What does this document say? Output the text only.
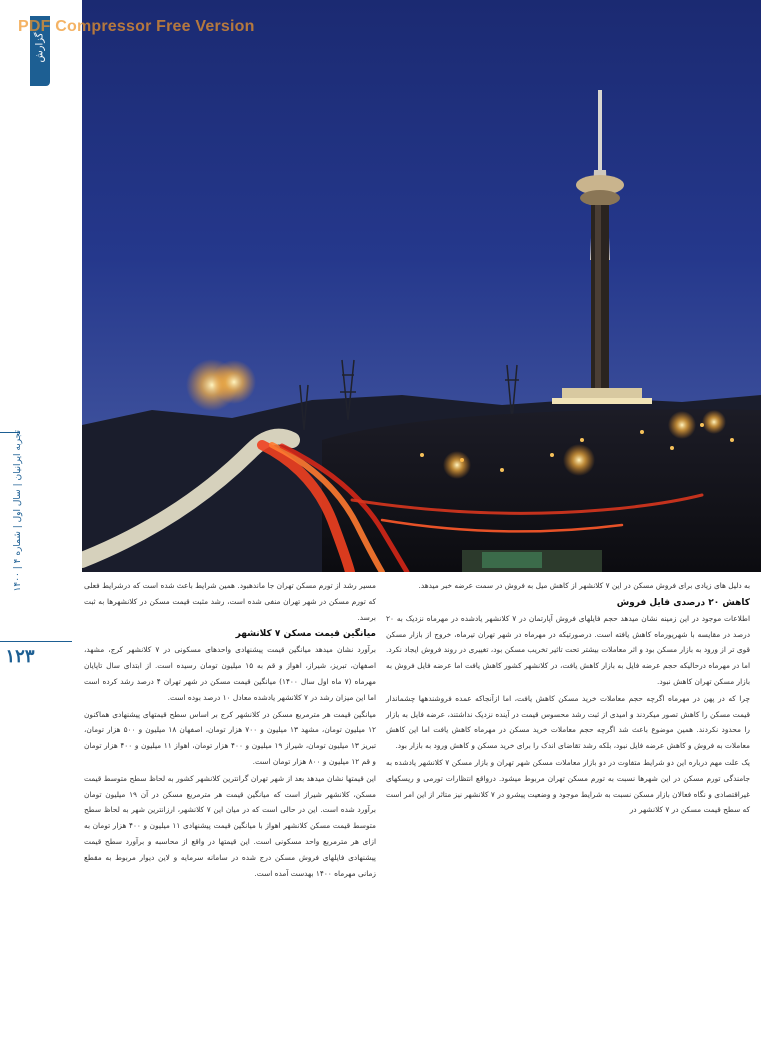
PDF Compressor Free Version
گزارش
تجربه ایرانیان | سال اول | شماره ۴ | ۱۴۰۰
۱۲۳

به دلیل های زیادی برای فروش مسکن در این ۷ کلانشهر از کاهش میل به فروش در سمت عرضه خبر میدهد.

کاهش ۲۰ درصدی فایل فروش

اطلاعات موجود در این زمینه نشان میدهد حجم فایلهای فروش آپارتمان در ۷ کلانشهر یادشده در مهرماه نزدیک به ۲۰ درصد در مقایسه با شهریورماه کاهش یافته است. درصورتیکه در مهرماه در شهر تهران تیرماه، خروج از بازار مسکن قوی تر از ورود به بازار مسکن بود و اثر معاملات بیشتر تحت تاثیر تخریب مسکن بود، تغییری در روند فروش ایجاد نکرد. اما در مهرماه درحالیکه حجم عرضه فایل به بازار کاهش یافت، در کلانشهر کشور کاهش یافت اما عرضه فایل فروش به بازار مسکن تهران کاهش نبود.

چرا که در پهن در مهرماه اگرچه حجم معاملات خرید مسکن کاهش یافت، اما ازآنجاکه عمده فروشندهها چشماندار قیمت مسکن را کاهش تصور میکردند و امیدی از ثبت رشد محسوس قیمت در آینده نزدیک نداشتند، عرضه فایل به بازار را محدود نکردند. همین موضوع باعث شد اگرچه حجم معاملات خرید مسکن در مهرماه کاهش یافت اما این کاهش معاملات به فروش و کاهش عرضه فایل نبود، بلکه رشد تقاضای اندک را برای خرید مسکن و کاهش ورود به بازار بود.

یک علت مهم درباره این دو شرایط متفاوت در دو بازار معاملات مسکن شهر تهران و بازار مسکن ۷ کلانشهر یادشده به جامندگی تورم مسکن در این شهرها نسبت به تورم مسکن تهران مربوط میشود. درواقع انتظارات تورمی و ریسکهای غیراقتصادی و نگاه فعالان بازار مسکن نسبت به شرایط موجود و وضعیت پیشرو در ۷ کلانشهر نیز متاثر از این امر است که سطح قیمت مسکن در ۷ کلانشهر در

مسیر رشد از تورم مسکن تهران جا ماندهبود. همین شرایط باعث شده است که درشرایط فعلی که تورم مسکن در شهر تهران منفی شده است، رشد مثبت قیمت مسکن در کلانشهرها به ثبت برسد.

میانگین قیمت مسکن ۷ کلانشهر

برآورد نشان میدهد میانگین قیمت پیشنهادی واحدهای مسکونی در ۷ کلانشهر کرج، مشهد، اصفهان، تبریز، شیراز، اهواز و قم به ۱۵ میلیون تومان رسیده است. از ابتدای سال تاپایان مهرماه (۷ ماه اول سال ۱۴۰۰) میانگین قیمت مسکن در شهر تهران ۴ درصد رشد کرده است اما این میزان رشد در ۷ کلانشهر یادشده معادل ۱۰ درصد بوده است.

میانگین قیمت هر مترمربع مسکن در کلانشهر کرج بر اساس سطح قیمتهای پیشنهادی هماکنون ۱۲ میلیون تومان، مشهد ۱۳ میلیون و ۷۰۰ هزار تومان، اصفهان ۱۸ میلیون و ۵۰۰ هزار تومان، تبریز ۱۳ میلیون تومان، شیراز ۱۹ میلیون و ۴۰۰ هزار تومان، اهواز ۱۱ میلیون و ۴۰۰ هزار تومان و قم ۱۲ میلیون و ۸۰۰ هزار تومان است.

این قیمتها نشان میدهد بعد از شهر تهران گرانترین کلانشهر کشور به لحاظ سطح متوسط قیمت مسکن، کلانشهر شیراز است که میانگین قیمت هر مترمربع مسکن در آن ۱۹ میلیون تومان برآورد شده است. این در حالی است که در میان این ۷ کلانشهر، ارزانترین شهر به لحاظ سطح متوسط قیمت مسکن کلانشهر اهواز با میانگین قیمت پیشنهادی ۱۱ میلیون و ۴۰۰ هزار تومان به ازای هر مترمربع واحد مسکونی است. این قیمتها در واقع از محاسبه و برآورد سطح قیمت پیشنهادی فایلهای فروش مسکن درج شده در سامانه سرمایه و لاین دیوار مربوط به مقطع زمانی مهرماه ۱۴۰۰ بهدست آمده است.
